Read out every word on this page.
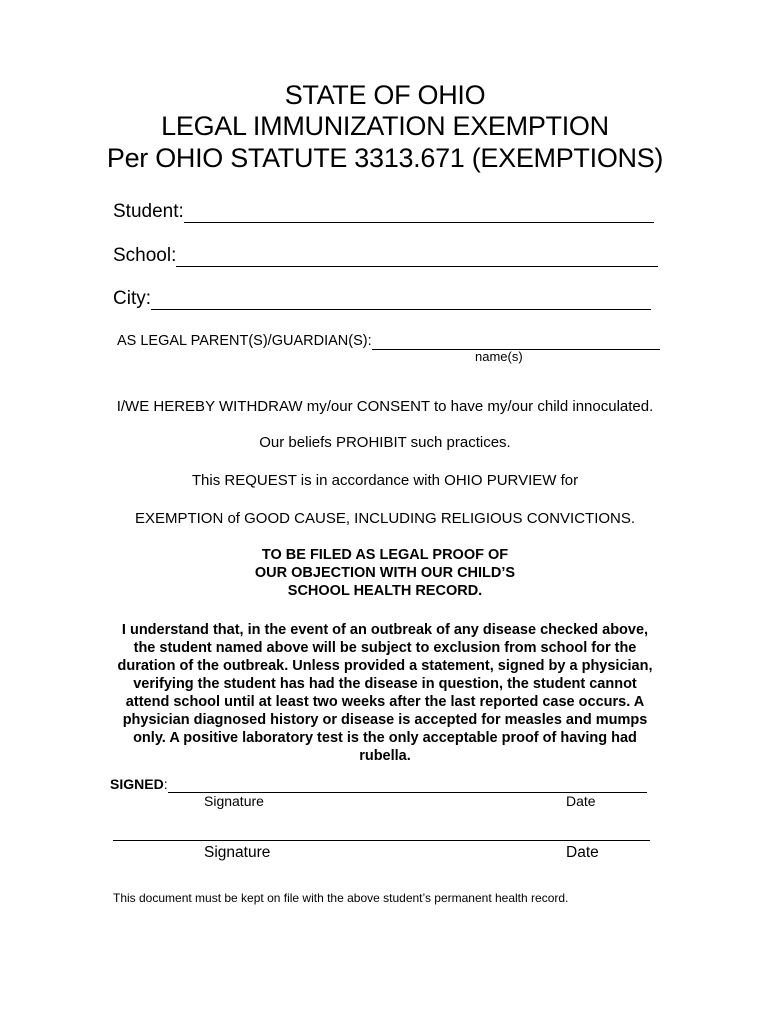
STATE OF OHIO
LEGAL IMMUNIZATION EXEMPTION
Per OHIO STATUTE 3313.671 (EXEMPTIONS)
Student:
School:
City:
AS LEGAL PARENT(S)/GUARDIAN(S):
name(s)
I/WE HEREBY WITHDRAW my/our CONSENT to have my/our child innoculated.
Our beliefs PROHIBIT such practices.
This REQUEST is in accordance with OHIO PURVIEW for
EXEMPTION of GOOD CAUSE, INCLUDING RELIGIOUS CONVICTIONS.
TO BE FILED AS LEGAL PROOF OF
OUR OBJECTION WITH OUR CHILD’S
SCHOOL HEALTH RECORD.
I understand that, in the event of an outbreak of any disease checked above,
the student named above will be subject to exclusion from school for the
duration of the outbreak. Unless provided a statement, signed by a physician,
verifying the student has had the disease in question, the student cannot
attend school until at least two weeks after the last reported case occurs. A
physician diagnosed history or disease is accepted for measles and mumps
only. A positive laboratory test is the only acceptable proof of having had
rubella.
SIGNED :
Signature	Date
Signature	Date
This document must be kept on file with the above student’s permanent health record.
